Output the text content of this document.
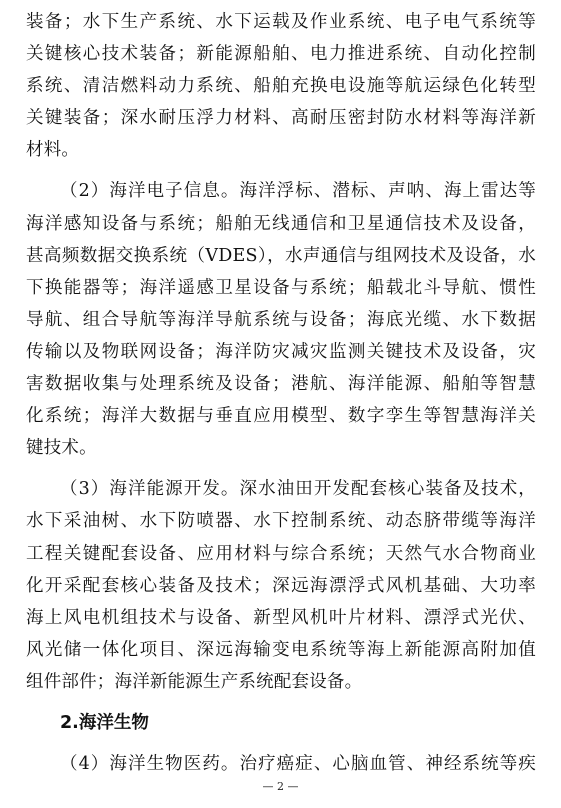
装备；水下生产系统、水下运载及作业系统、电子电气系统等
关键核心技术装备；新能源船舶、电力推进系统、自动化控制
系统、清洁燃料动力系统、船舶充换电设施等航运绿色化转型
关键装备；深水耐压浮力材料、高耐压密封防水材料等海洋新
材料。
（2）海洋电子信息。海洋浮标、潜标、声呐、海上雷达等
海洋感知设备与系统；船舶无线通信和卫星通信技术及设备，
甚高频数据交换系统（VDES），水声通信与组网技术及设备，水
下换能器等；海洋遥感卫星设备与系统；船载北斗导航、惯性
导航、组合导航等海洋导航系统与设备；海底光缆、水下数据
传输以及物联网设备；海洋防灾减灾监测关键技术及设备，灾
害数据收集与处理系统及设备；港航、海洋能源、船舶等智慧
化系统；海洋大数据与垂直应用模型、数字孪生等智慧海洋关
键技术。
（3）海洋能源开发。深水油田开发配套核心装备及技术，
水下采油树、水下防喷器、水下控制系统、动态脐带缆等海洋
工程关键配套设备、应用材料与综合系统；天然气水合物商业
化开采配套核心装备及技术；深远海漂浮式风机基础、大功率
海上风电机组技术与设备、新型风机叶片材料、漂浮式光伏、
风光储一体化项目、深远海输变电系统等海上新能源高附加值
组件部件；海洋新能源生产系统配套设备。
2.海洋生物
（4）海洋生物医药。治疗癌症、心脑血管、神经系统等疾
— 2 —
